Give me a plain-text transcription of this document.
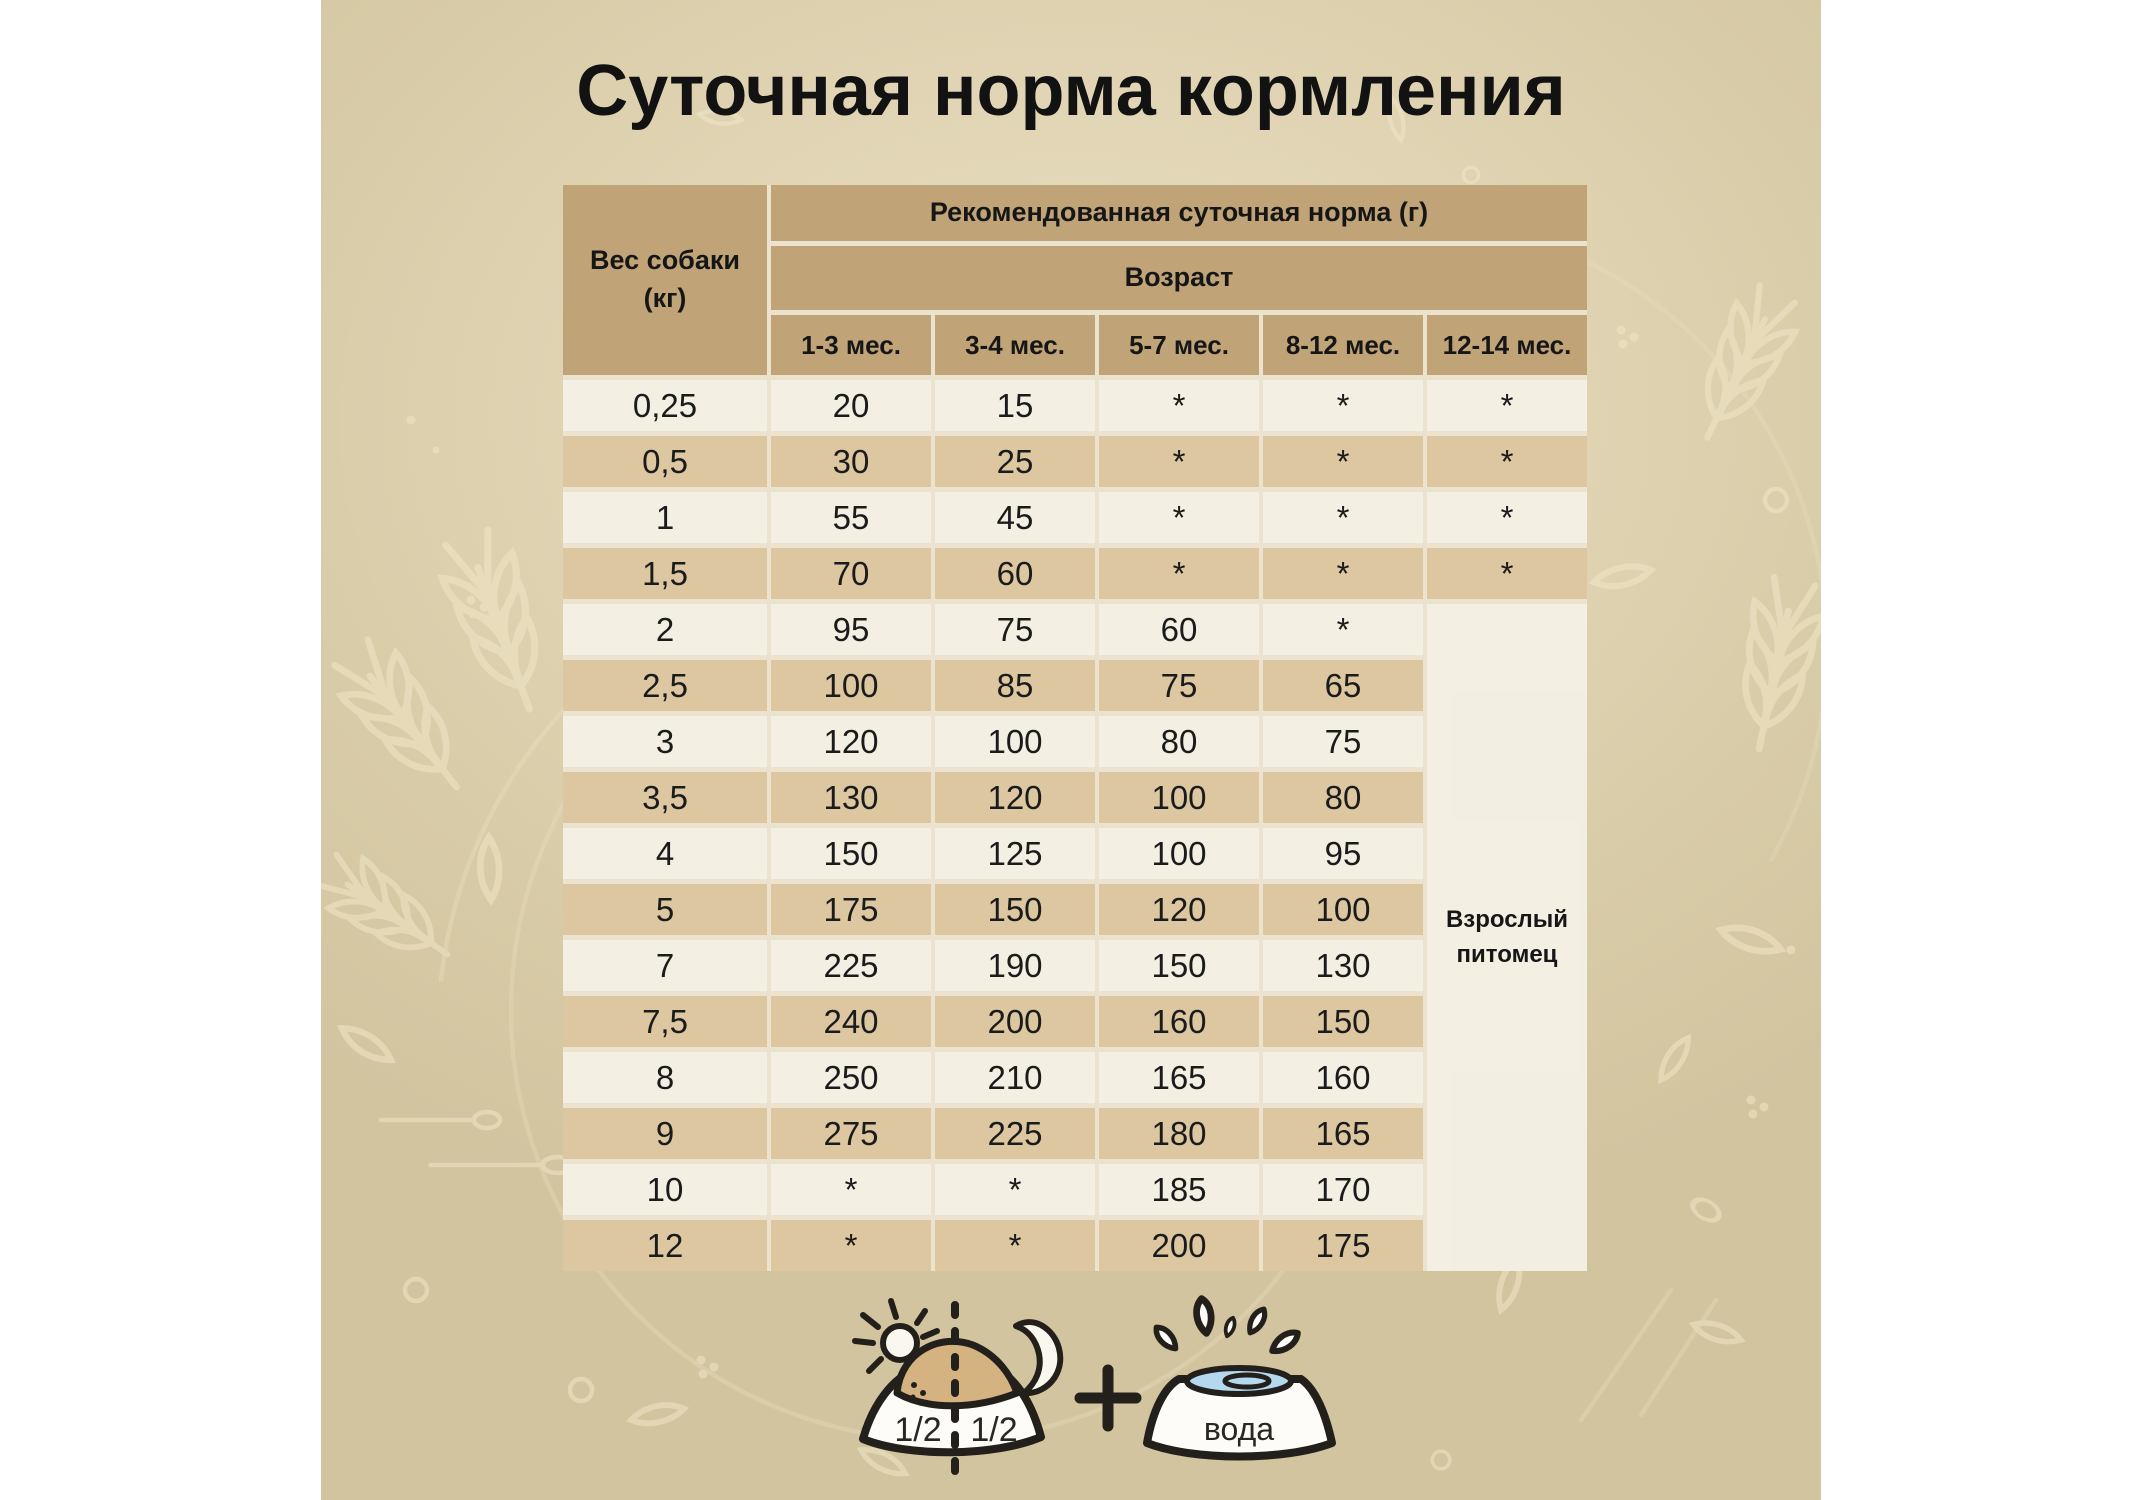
Суточная норма кормления
Вес собаки (кг)
Рекомендованная суточная норма (г)
Возраст
1-3 мес.	3-4 мес.	5-7 мес.	8-12 мес.	12-14 мес.
Взрослый питомец
0,25	20	15	*	*	*
0,5	30	25	*	*	*
1	55	45	*	*	*
1,5	70	60	*	*	*
2	95	75	60	*
2,5	100	85	75	65
3	120	100	80	75
3,5	130	120	100	80
4	150	125	100	95
5	175	150	120	100
7	225	190	150	130
7,5	240	200	160	150
8	250	210	165	160
9	275	225	180	165
10	*	*	185	170
12	*	*	200	175
1/2 1/2	вода
